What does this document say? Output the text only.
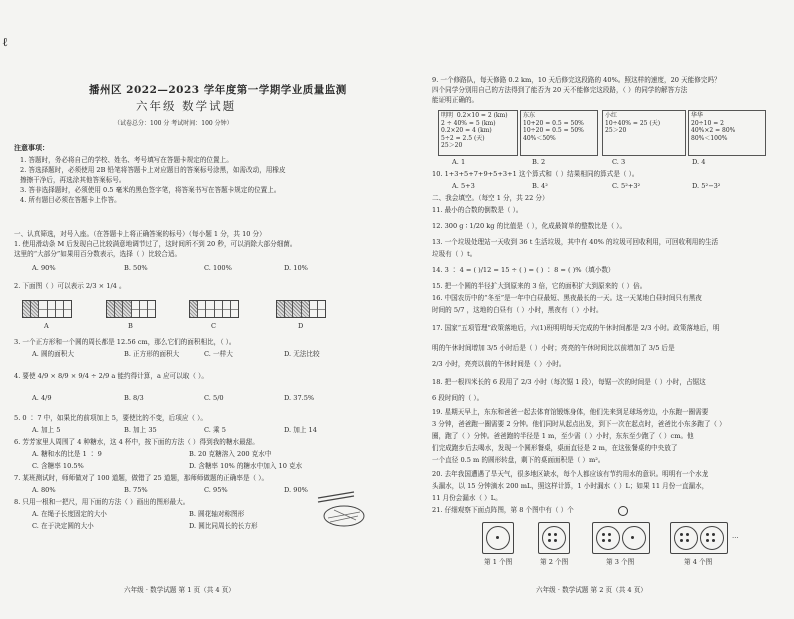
ℓ
播州区 2022—2023 学年度第一学期学业质量监测
六年级 数学试题
（试卷总分：100 分 考试时间：100 分钟）
注意事项：
1. 答题时，务必将自己的学校、姓名、考号填写在答题卡规定的位置上。
2. 答选择题时，必须使用 2B 铅笔将答题卡上对应题目的答案标号涂黑，如需改动，用橡皮
擦擦干净后，再选涂其他答案标号。
3. 答非选择题时，必须使用 0.5 毫米的黑色签字笔，将答案书写在答题卡规定的位置上。
4. 所有题目必须在答题卡上作答。
一、认真筛选，对号入座。（在答题卡上将正确答案的标号）（每小题 1 分，共 10 分）
1. 使用滑动条 M 后发现自己比较满意地调节过了，这时间所不到 20 秒，可以消除大部分细菌。
这里的“大部分”如果用百分数表示，选择（ ）比较合适。
A. 90%	B. 50%	C. 100%	D. 10%
2. 下面图（ ）可以表示 2/3 × 1/4 。
A	B	C	D
3. 一个正方形和一个圆的周长都是 12.56 cm，那么它们的面积相比，（ ）。
A. 圆的面积大	B. 正方形的面积大	C. 一样大	D. 无法比较
4. 要使 4/9 × 8/9 × 9/4 ÷ 2/9 a 能约得计算，a 应可以取（ ）。
A. 4/9	B. 8/3	C. 5/0	D. 37.5%
5. 0 ∶ 7 中，如果比的前项加上 5，要使比的不变，后项应（ ）。
A. 加上 5	B. 加上 35	C. 乘 5	D. 加上 14
6. 芳芳家里人周围了 4 种糖水，这 4 杯中，按下面的方法（ ）得到我的糖水最甜。
A. 糖和水的比是 1 ∶ 9	B. 20 克糖溶入 200 克水中
C. 含糖率 10.5%	D. 含糖率 10% 的糖水中加入 10 克水
7. 某班测试时，师师做对了 100 道题，做错了 25 道题，那师师做题的正确率是（ ）。
A. 80%	B. 75%	C. 95%	D. 90%
8. 只用一根和一把尺，用下面的方法（ ）画出的图形最大。
A. 在绳子长度固定的大小	B. 圆花轴对称图形
C. 在于决定圆的大小	D. 圆比同周长的长方形
六年级 · 数学试题 第 1 页（共 4 页）
9. 一个修路队，每天修路 0.2 km，10 天后修完这段路的 40%。照这样的速度，20 天能修完吗？
四个同学分别用自己的方法得到了能否为 20 天不能修完这段路，（ ）的同学的解答方法
能证明正确的。
明明  0.2×10 = 2 (km)
2 ÷ 40% = 5 (km)
0.2×20 = 4 (km)
5÷2 = 2.5 (天)
25＞20
东东
10+20 = 0.5 = 50%
10÷20 = 0.5 = 50%
40%＜50%
小红
10÷40% = 25 (天)
25＞20
华华
20÷10 = 2
40%×2 = 80%
80%＜100%
A. 1	B. 2	C. 3	D. 4
10. 1+3+5+7+9+5+3+1 这个算式和（ ）结果相同的算式是（ ）。
A. 5+3	B. 4²	C. 5²+3²	D. 5²−3²
二、我会填空。（每空 1 分，共 22 分）
11. 最小的合数的倒数是（ ）。
12. 300 g ∶ 1/20 kg 的比值是（ ），化成最简单的整数比是（ ）。
13. 一个垃圾处理站一天收到 36 t 生活垃圾，其中有 40% 的垃圾可回收利用，可回收利用的生活
垃圾有（ ）t。
14. 3 ∶ 4 = ( )/12 = 15 ÷ ( ) = ( ) ∶ 8 = ( )%（填小数）
15. 把一个圆的半径扩大到原来的 3 倍，它的面积扩大到原来的（ ）倍。
16. 中国农历中的“冬至”是一年中白昼最短、黑夜最长的一天。这一天某地白昼时间只有黑夜
时间的 5/7 ，这地的白昼有（ ）小时，黑夜有（ ）小时。
17. 国家“五项管理”政策落地后，六(1)班明明每天完成的午休时间都是 2/3 小时。政策落地后，明
明的午休时间增加 3/5 小时后是（ ）小时；亮亮的午休时间比以前增加了 3/5 后是
2/3 小时，亮亮以前的午休时间是（ ）小时。
18. 把一根四米长的 6 段用了 2/3 小时（每次锯 1 段），每锯一次的时间是（ ）小时，占锯这
6 段时间的（ ）。
19. 星期天早上，东东和爸爸一起去体育馆锻炼身体，他们先来到足球场旁边，小东跑一圈需要
3 分钟，爸爸跑一圈需要 2 分钟。他们同时从起点出发，到下一次在起点时，爸爸比小东多跑了（ ）
圈，跑了（ ）分钟。爸爸跑的半径是 1 m，至少需（ ）小时，东东至少跑了（ ）cm。他
们完成跑步后去喝水，发现一个圆形餐桌，桌面直径是 2 m，在这张餐桌的中央放了
一个直径 0.5 m 的圆形转盘，剩下的桌面面积是（ ）m²。
20. 去年我国遭遇了旱天气，很多地区缺水，每个人都应该有节约用水的意识。明明有一个水龙
头漏水，以 15 分钟滴水 200 mL，照这样计算，1 小时漏水（ ）L；如果 11 月份一直漏水，
11 月份会漏水（ ）L。
21. 仔细观察下面点阵图，第 8 个图中有（ ）个
…
第 1 个图	第 2 个图	第 3 个图	第 4 个图
六年级 · 数学试题 第 2 页（共 4 页）
